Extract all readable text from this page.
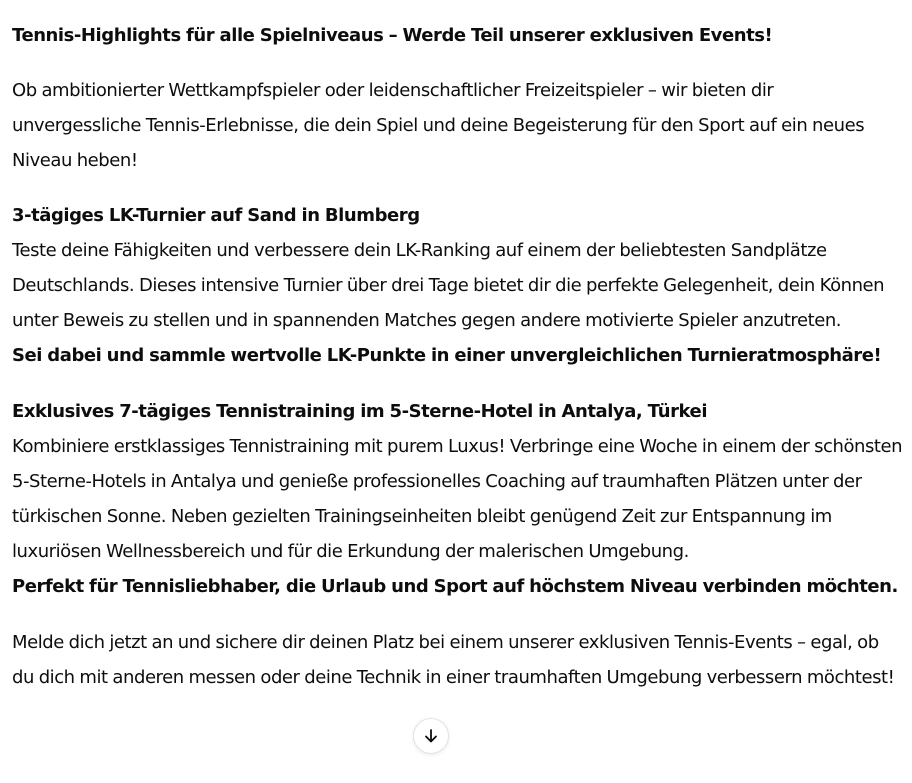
Tennis-Highlights für alle Spielniveaus – Werde Teil unserer exklusiven Events!

Ob ambitionierter Wettkampfspieler oder leidenschaftlicher Freizeitspieler – wir bieten dir unvergessliche Tennis-Erlebnisse, die dein Spiel und deine Begeisterung für den Sport auf ein neues Niveau heben!

3-tägiges LK-Turnier auf Sand in Blumberg
Teste deine Fähigkeiten und verbessere dein LK-Ranking auf einem der beliebtesten Sandplätze Deutschlands. Dieses intensive Turnier über drei Tage bietet dir die perfekte Gelegenheit, dein Können unter Beweis zu stellen und in spannenden Matches gegen andere motivierte Spieler anzutreten.
Sei dabei und sammle wertvolle LK-Punkte in einer unvergleichlichen Turnieratmosphäre!
Exklusives 7-tägiges Tennistraining im 5-Sterne-Hotel in Antalya, Türkei
Kombiniere erstklassiges Tennistraining mit purem Luxus! Verbringe eine Woche in einem der schönsten 5-Sterne-Hotels in Antalya und genieße professionelles Coaching auf traumhaften Plätzen unter der türkischen Sonne. Neben gezielten Trainingseinheiten bleibt genügend Zeit zur Entspannung im luxuriösen Wellnessbereich und für die Erkundung der malerischen Umgebung.
Perfekt für Tennisliebhaber, die Urlaub und Sport auf höchstem Niveau verbinden möchten.

Melde dich jetzt an und sichere dir deinen Platz bei einem unserer exklusiven Tennis-Events – egal, ob du dich mit anderen messen oder deine Technik in einer traumhaften Umgebung verbessern möchtest!
